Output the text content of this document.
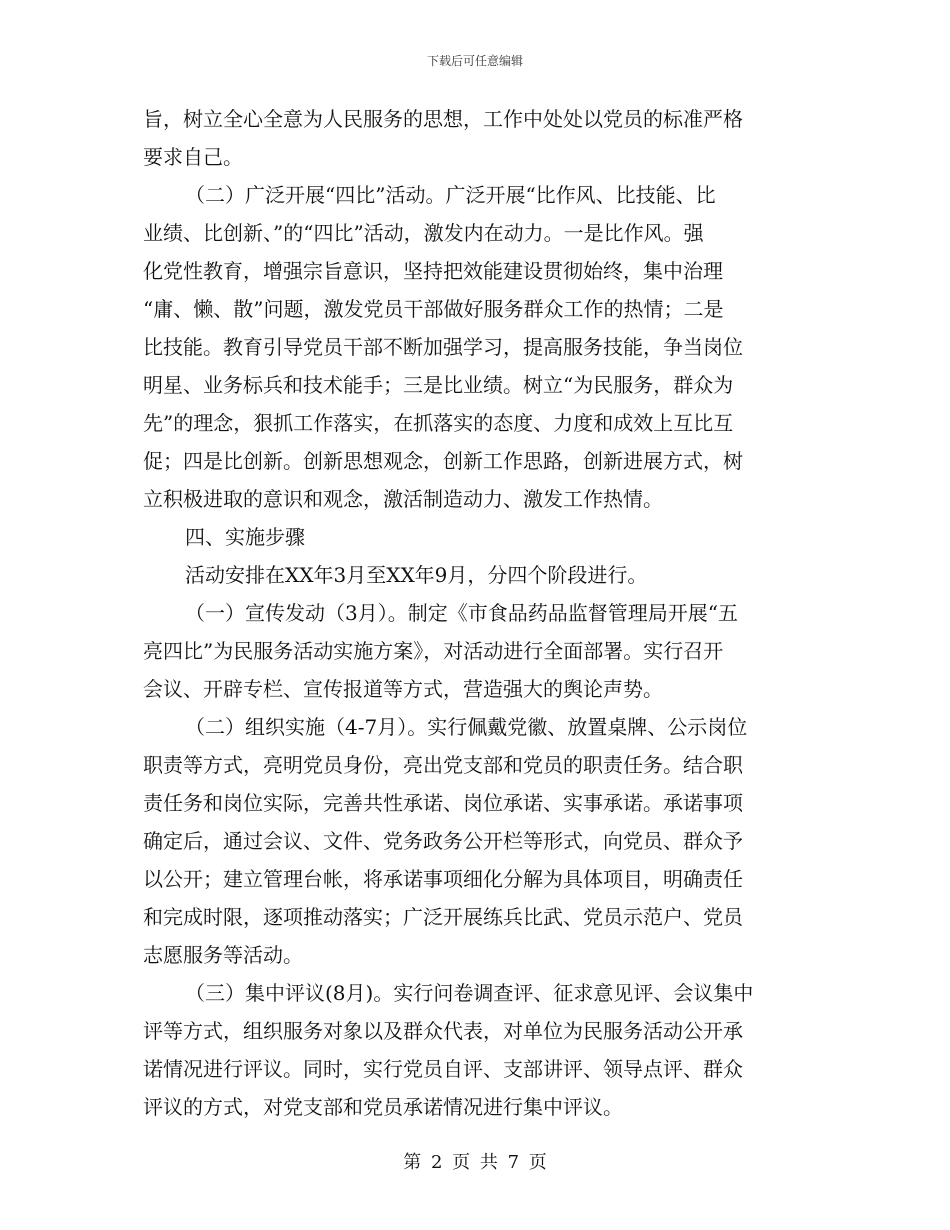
下载后可任意编辑
旨，树立全心全意为人民服务的思想，工作中处处以党员的标准严格
要求自己。
（二）广泛开展“四比”活动。广泛开展“比作风、比技能、比
业绩、比创新、”的“四比”活动，激发内在动力。一是比作风。强
化党性教育，增强宗旨意识，坚持把效能建设贯彻始终，集中治理
“庸、懒、散”问题，激发党员干部做好服务群众工作的热情；二是
比技能。教育引导党员干部不断加强学习，提高服务技能，争当岗位
明星、业务标兵和技术能手；三是比业绩。树立“为民服务，群众为
先”的理念，狠抓工作落实，在抓落实的态度、力度和成效上互比互
促；四是比创新。创新思想观念，创新工作思路，创新进展方式，树
立积极进取的意识和观念，激活制造动力、激发工作热情。
四、实施步骤
活动安排在XX年3月至XX年9月，分四个阶段进行。
（一）宣传发动（3月）。制定《市食品药品监督管理局开展“五
亮四比”为民服务活动实施方案》，对活动进行全面部署。实行召开
会议、开辟专栏、宣传报道等方式，营造强大的舆论声势。
（二）组织实施（4-7月）。实行佩戴党徽、放置桌牌、公示岗位
职责等方式，亮明党员身份，亮出党支部和党员的职责任务。结合职
责任务和岗位实际，完善共性承诺、岗位承诺、实事承诺。承诺事项
确定后，通过会议、文件、党务政务公开栏等形式，向党员、群众予
以公开；建立管理台帐，将承诺事项细化分解为具体项目，明确责任
和完成时限，逐项推动落实；广泛开展练兵比武、党员示范户、党员
志愿服务等活动。
（三）集中评议(8月)。实行问卷调查评、征求意见评、会议集中
评等方式，组织服务对象以及群众代表，对单位为民服务活动公开承
诺情况进行评议。同时，实行党员自评、支部讲评、领导点评、群众
评议的方式，对党支部和党员承诺情况进行集中评议。
第 2 页 共 7 页
